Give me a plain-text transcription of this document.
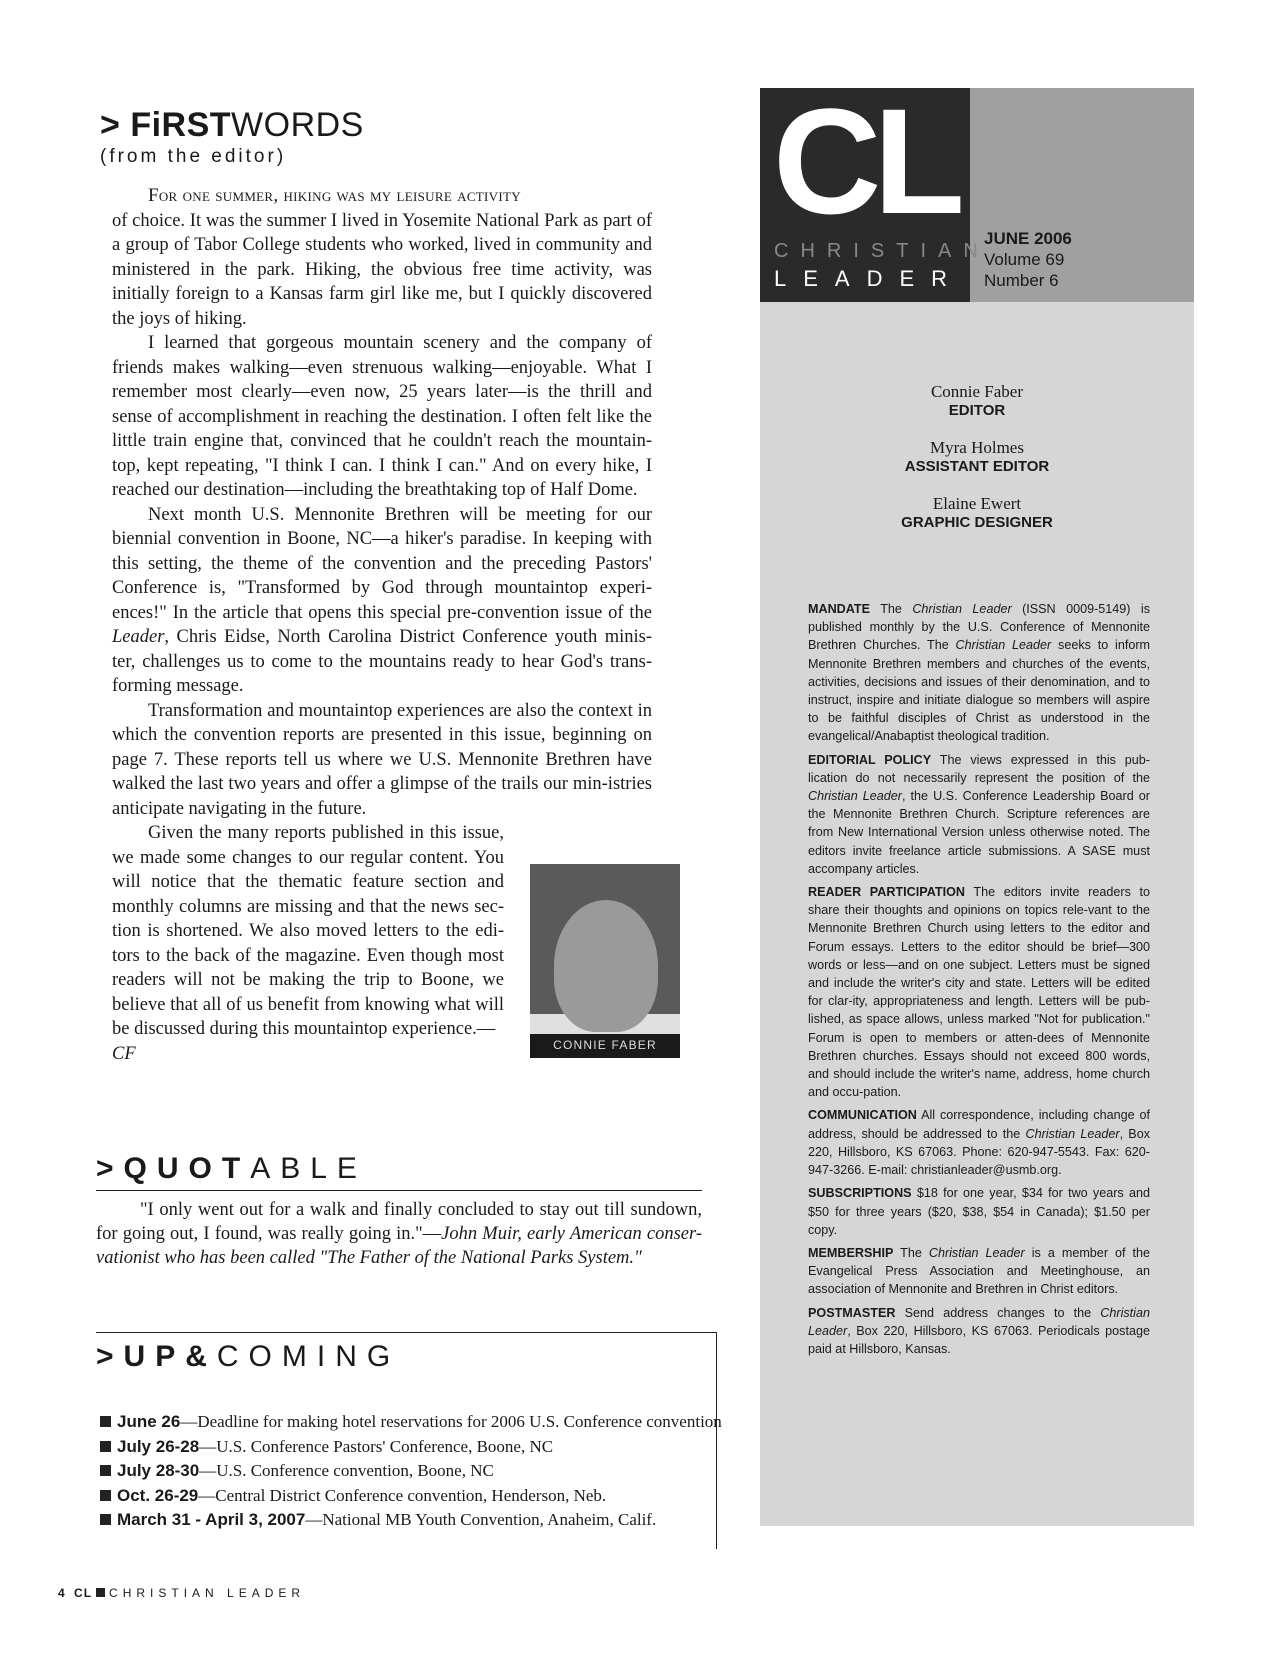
> FiRSTWORDS
(from the editor)
For one summer, hiking was my leisure activity

of choice. It was the summer I lived in Yosemite National Park as part of a group of Tabor College students who worked, lived in community and ministered in the park. Hiking, the obvious free time activity, was initially foreign to a Kansas farm girl like me, but I quickly discovered the joys of hiking.

I learned that gorgeous mountain scenery and the company of friends makes walking—even strenuous walking—enjoyable. What I remember most clearly—even now, 25 years later—is the thrill and sense of accomplishment in reaching the destination. I often felt like the little train engine that, convinced that he couldn't reach the mountain-top, kept repeating, "I think I can. I think I can." And on every hike, I reached our destination—including the breathtaking top of Half Dome.

Next month U.S. Mennonite Brethren will be meeting for our biennial convention in Boone, NC—a hiker's paradise. In keeping with this setting, the theme of the convention and the preceding Pastors' Conference is, "Transformed by God through mountaintop experi-ences!" In the article that opens this special pre-convention issue of the Leader, Chris Eidse, North Carolina District Conference youth minis-ter, challenges us to come to the mountains ready to hear God's trans-forming message.

Transformation and mountaintop experiences are also the context in which the convention reports are presented in this issue, beginning on page 7. These reports tell us where we U.S. Mennonite Brethren have walked the last two years and offer a glimpse of the trails our min-istries anticipate navigating in the future.

Given the many reports published in this issue, we made some changes to our regular content. You will notice that the thematic feature section and monthly columns are missing and that the news sec-tion is shortened. We also moved letters to the edi-tors to the back of the magazine. Even though most readers will not be making the trip to Boone, we believe that all of us benefit from knowing what will be discussed during this mountaintop experience.—

CF	CONNIE FABER
>QUOTABLE
"I only went out for a walk and finally concluded to stay out till sundown, for going out, I found, was really going in."—John Muir, early American conser-vationist who has been called "The Father of the National Parks System."
>UP&COMING
June 26—Deadline for making hotel reservations for 2006 U.S. Conference convention
July 26-28—U.S. Conference Pastors' Conference, Boone, NC
July 28-30—U.S. Conference convention, Boone, NC
Oct. 26-29—Central District Conference convention, Henderson, Neb.
March 31 - April 3, 2007—National MB Youth Convention, Anaheim, Calif.
4 CL CHRISTIAN LEADER
CL
CHRISTIAN
LEADER
JUNE 2006
Volume 69
Number 6
Connie Faber
EDITOR
Myra Holmes
ASSISTANT EDITOR
Elaine Ewert
GRAPHIC DESIGNER

MANDATE The Christian Leader (ISSN 0009-5149) is published monthly by the U.S. Conference of Mennonite Brethren Churches. The Christian Leader seeks to inform Mennonite Brethren members and churches of the events, activities, decisions and issues of their denomination, and to instruct, inspire and initiate dialogue so members will aspire to be faithful disciples of Christ as understood in the evangelical/Anabaptist theological tradition.

EDITORIAL POLICY The views expressed in this pub-lication do not necessarily represent the position of the Christian Leader, the U.S. Conference Leadership Board or the Mennonite Brethren Church. Scripture references are from New International Version unless otherwise noted. The editors invite freelance article submissions. A SASE must accompany articles.

READER PARTICIPATION The editors invite readers to share their thoughts and opinions on topics rele-vant to the Mennonite Brethren Church using letters to the editor and Forum essays. Letters to the editor should be brief—300 words or less—and on one subject. Letters must be signed and include the writer's city and state. Letters will be edited for clar-ity, appropriateness and length. Letters will be pub-lished, as space allows, unless marked "Not for publication." Forum is open to members or atten-dees of Mennonite Brethren churches. Essays should not exceed 800 words, and should include the writer's name, address, home church and occu-pation.

COMMUNICATION All correspondence, including change of address, should be addressed to the Christian Leader, Box 220, Hillsboro, KS 67063. Phone: 620-947-5543. Fax: 620-947-3266. E-mail: christianleader@usmb.org.

SUBSCRIPTIONS $18 for one year, $34 for two years and $50 for three years ($20, $38, $54 in Canada); $1.50 per copy.

MEMBERSHIP The Christian Leader is a member of the Evangelical Press Association and Meetinghouse, an association of Mennonite and Brethren in Christ editors.

POSTMASTER Send address changes to the Christian Leader, Box 220, Hillsboro, KS 67063. Periodicals postage paid at Hillsboro, Kansas.
